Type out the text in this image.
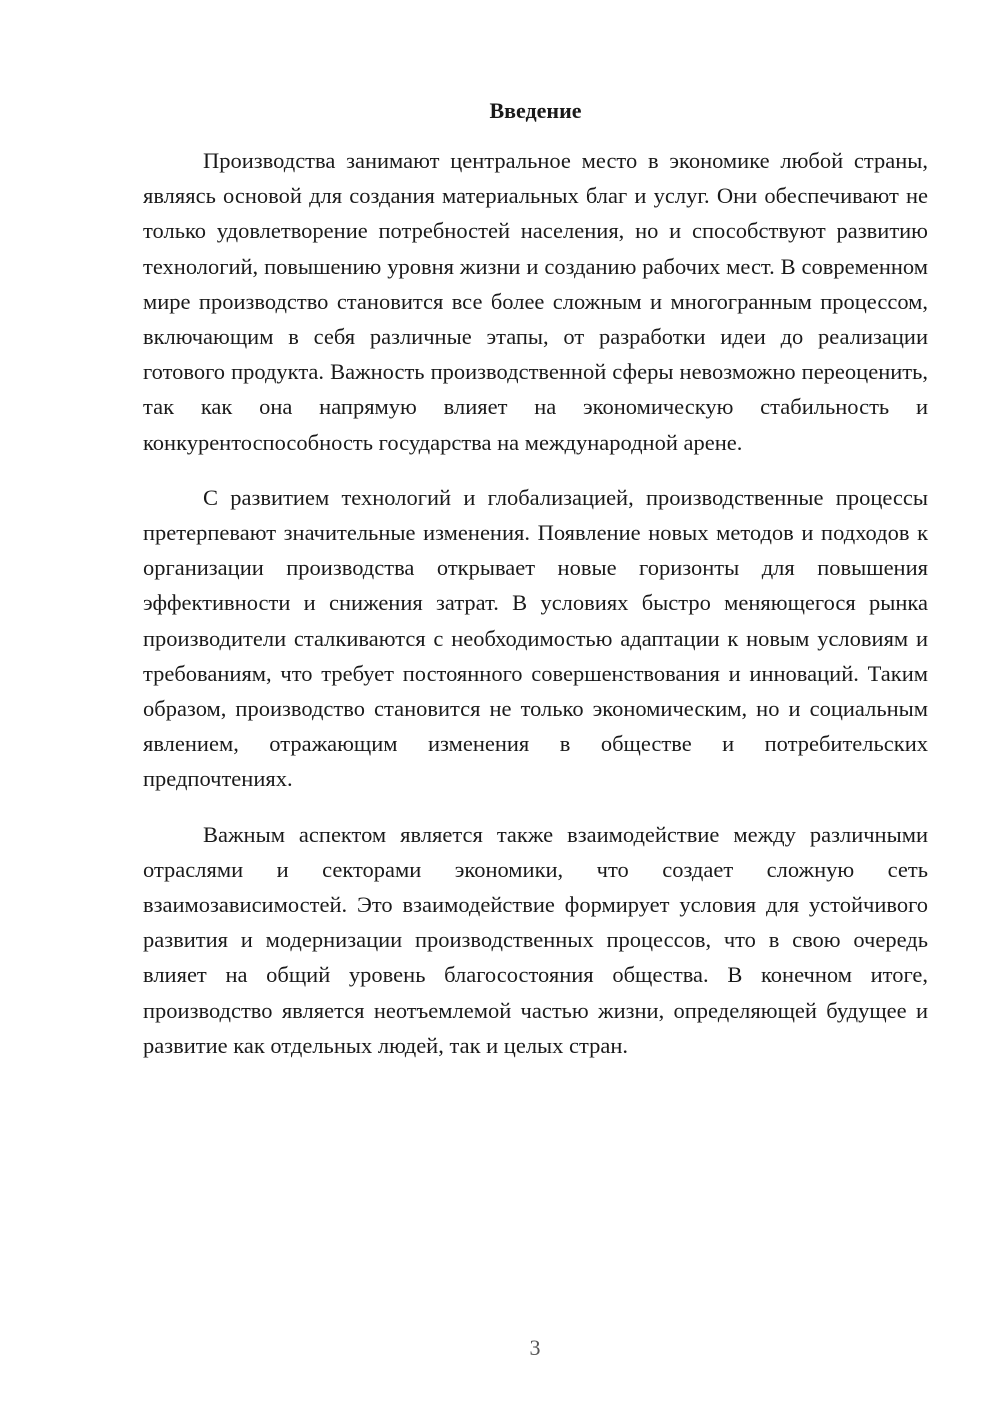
Введение

Производства занимают центральное место в экономике любой страны, являясь основой для создания материальных благ и услуг. Они обеспечивают не только удовлетворение потребностей населения, но и способствуют развитию технологий, повышению уровня жизни и созданию рабочих мест. В современном мире производство становится все более сложным и многогранным процессом, включающим в себя различные этапы, от разработки идеи до реализации готового продукта. Важность производственной сферы невозможно переоценить, так как она напрямую влияет на экономическую стабильность и конкурентоспособность государства на международной арене.

С развитием технологий и глобализацией, производственные процессы претерпевают значительные изменения. Появление новых методов и подходов к организации производства открывает новые горизонты для повышения эффективности и снижения затрат. В условиях быстро меняющегося рынка производители сталкиваются с необходимостью адаптации к новым условиям и требованиям, что требует постоянного совершенствования и инноваций. Таким образом, производство становится не только экономическим, но и социальным явлением, отражающим изменения в обществе и потребительских предпочтениях.

Важным аспектом является также взаимодействие между различными отраслями и секторами экономики, что создает сложную сеть взаимозависимостей. Это взаимодействие формирует условия для устойчивого развития и модернизации производственных процессов, что в свою очередь влияет на общий уровень благосостояния общества. В конечном итоге, производство является неотъемлемой частью жизни, определяющей будущее и развитие как отдельных людей, так и целых стран.

3
